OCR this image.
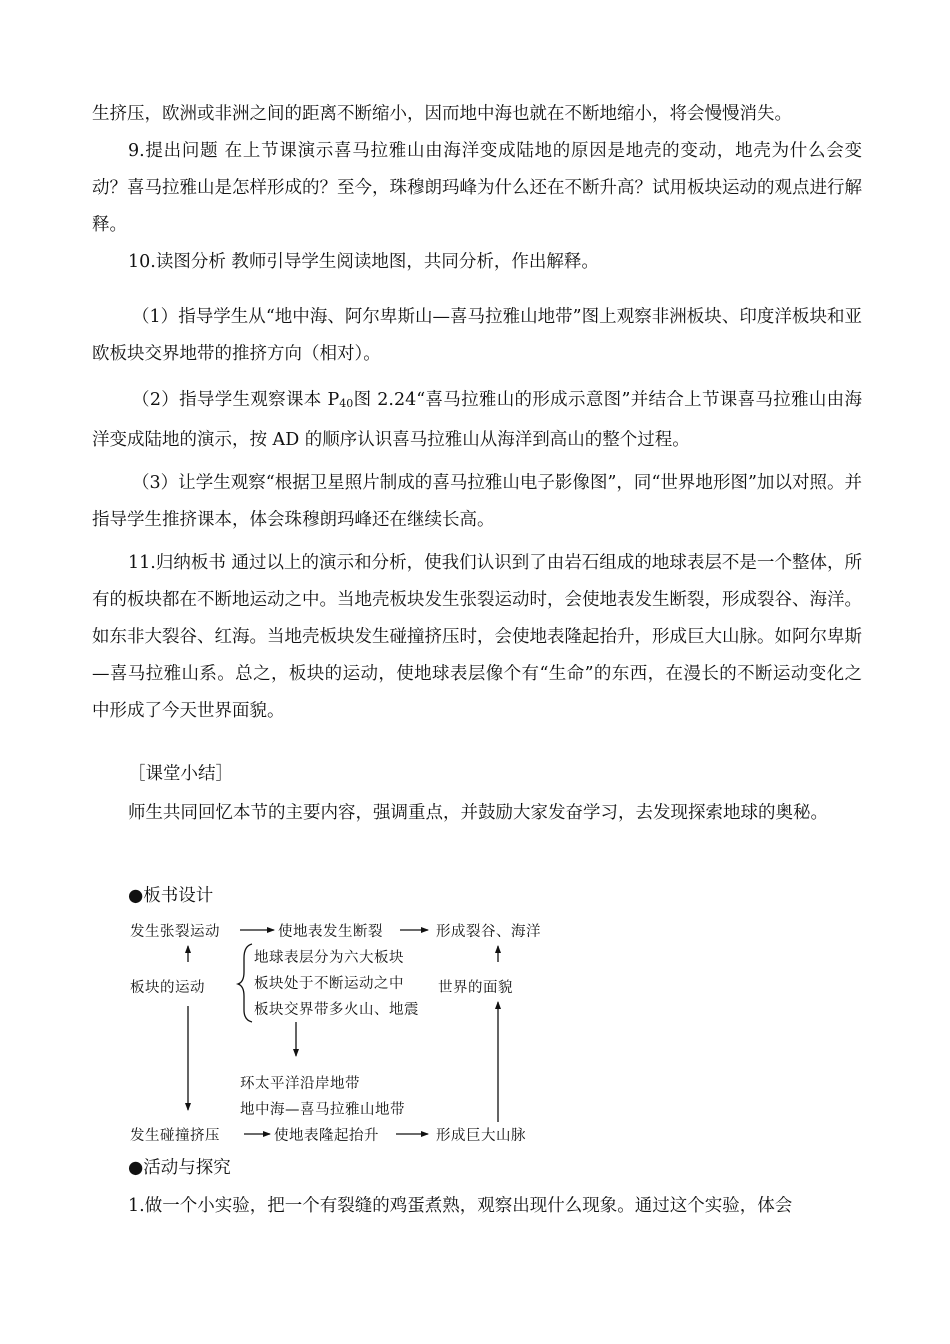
生挤压，欧洲或非洲之间的距离不断缩小，因而地中海也就在不断地缩小，将会慢慢消失。
9.提出问题 在上节课演示喜马拉雅山由海洋变成陆地的原因是地壳的变动，地壳为什么会变动？喜马拉雅山是怎样形成的？至今，珠穆朗玛峰为什么还在不断升高？试用板块运动的观点进行解释。
10.读图分析 教师引导学生阅读地图，共同分析，作出解释。
（1）指导学生从“地中海、阿尔卑斯山—喜马拉雅山地带”图上观察非洲板块、印度洋板块和亚欧板块交界地带的推挤方向（相对）。
（2）指导学生观察课本 $P_{40}$图 2.24“喜马拉雅山的形成示意图”并结合上节课喜马拉雅山由海洋变成陆地的演示，按 AD 的顺序认识喜马拉雅山从海洋到高山的整个过程。
（3）让学生观察“根据卫星照片制成的喜马拉雅山电子影像图”，同“世界地形图”加以对照。并指导学生推挤课本，体会珠穆朗玛峰还在继续长高。
11.归纳板书 通过以上的演示和分析，使我们认识到了由岩石组成的地球表层不是一个整体，所有的板块都在不断地运动之中。当地壳板块发生张裂运动时，会使地表发生断裂，形成裂谷、海洋。如东非大裂谷、红海。当地壳板块发生碰撞挤压时，会使地表隆起抬升，形成巨大山脉。如阿尔卑斯—喜马拉雅山系。总之，板块的运动，使地球表层像个有“生命”的东西，在漫长的不断运动变化之中形成了今天世界面貌。
［课堂小结］
师生共同回忆本节的主要内容，强调重点，并鼓励大家发奋学习，去发现探索地球的奥秘。
●板书设计
发生张裂运动	使地表发生断裂	形成裂谷、海洋
板块的运动
地球表层分为六大板块
板块处于不断运动之中
板块交界带多火山、地震
世界的面貌
环太平洋沿岸地带
地中海—喜马拉雅山地带
发生碰撞挤压	使地表隆起抬升	形成巨大山脉
●活动与探究
1.做一个小实验，把一个有裂缝的鸡蛋煮熟，观察出现什么现象。通过这个实验，体会
